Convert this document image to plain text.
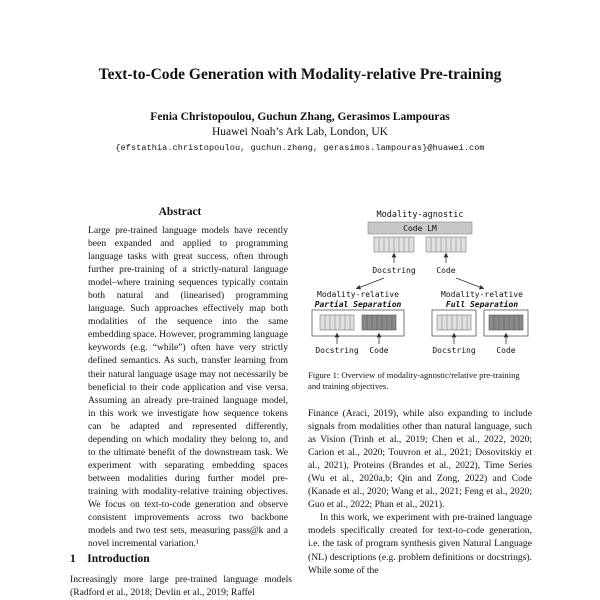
Text-to-Code Generation with Modality-relative Pre-training
Fenia Christopoulou, Guchun Zhang, Gerasimos Lampouras
Huawei Noah’s Ark Lab, London, UK
{efstathia.christopoulou, guchun.zhang, gerasimos.lampouras}@huawei.com
Abstract

Large pre-trained language models have recently been expanded and applied to programming language tasks with great success, often through further pre-training of a strictly-natural language model–where training sequences typically contain both natural and (linearised) programming language. Such approaches effectively map both modalities of the sequence into the same embedding space. However, programming language keywords (e.g. “while”) often have very strictly defined semantics. As such, transfer learning from their natural language usage may not necessarily be beneficial to their code application and vise versa. Assuming an already pre-trained language model, in this work we investigate how sequence tokens can be adapted and represented differently, depending on which modality they belong to, and to the ultimate benefit of the downstream task. We experiment with separating embedding spaces between modalities during further model pre-training with modality-relative training objectives. We focus on text-to-code generation and observe consistent improvements across two backbone models and two test sets, measuring pass@k and a novel incremental variation.¹

1 Introduction
Increasingly more large pre-trained language models (Radford et al., 2018; Devlin et al., 2019; Raffel
Modality-agnostic
Code LM
Docstring	Code
Modality-relative
Partial Separation
Docstring Code
Modality-relative
Full Separation
Docstring	Code
Figure 1: Overview of modality-agnostic/relative pre-training and training objectives.

Finance (Araci, 2019), while also expanding to include signals from modalities other than natural language, such as Vision (Trinh et al., 2019; Chen et al., 2022, 2020; Carion et al., 2020; Touvron et al., 2021; Dosovitskiy et al., 2021), Proteins (Brandes et al., 2022), Time Series (Wu et al., 2020a,b; Qin and Zong, 2022) and Code (Kanade et al., 2020; Wang et al., 2021; Feng et al., 2020; Guo et al., 2022; Phan et al., 2021).

In this work, we experiment with pre-trained language models specifically created for text-to-code generation, i.e. the task of program synthesis given Natural Language (NL) descriptions (e.g. problem definitions or docstrings). While some of the
